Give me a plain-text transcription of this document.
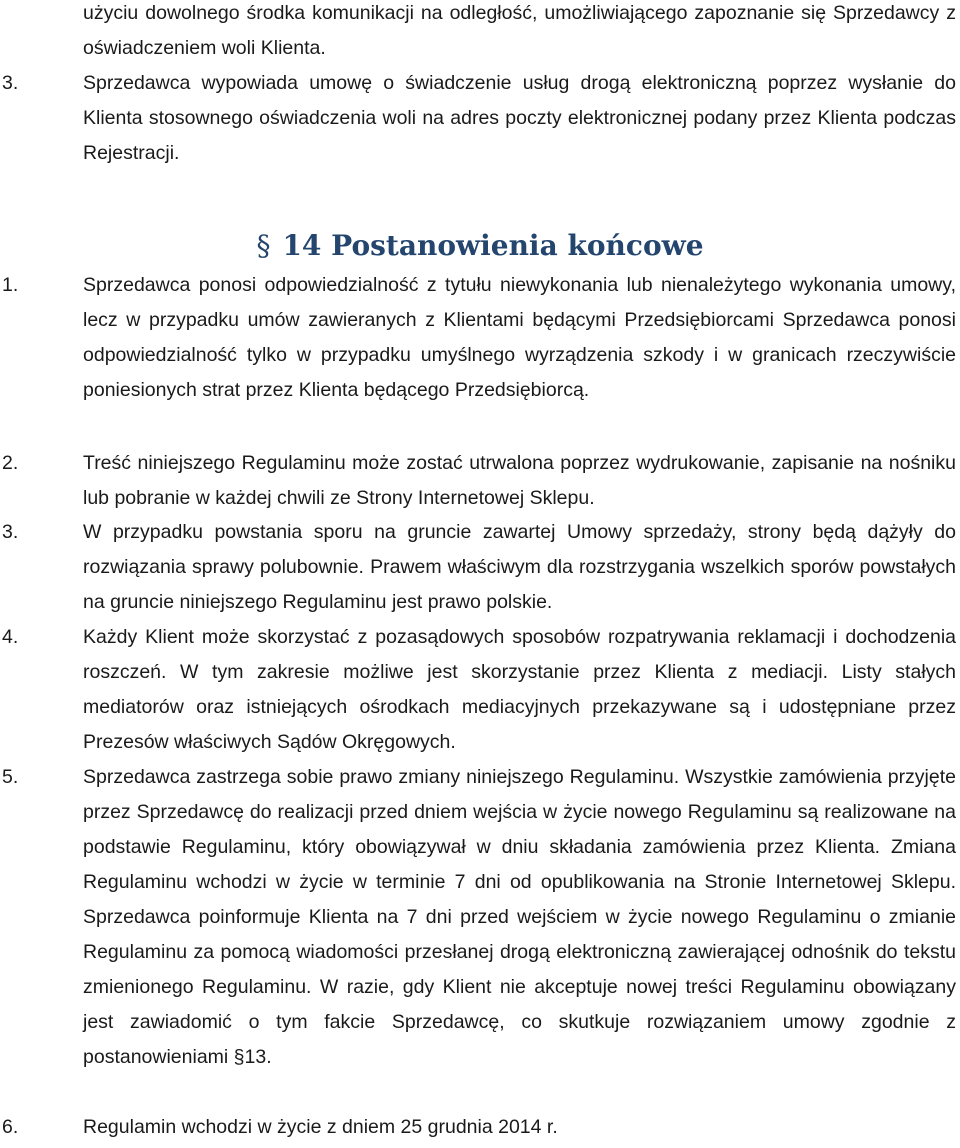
użyciu dowolnego środka komunikacji na odległość, umożliwiającego zapoznanie się Sprzedawcy z oświadczeniem woli Klienta.
3.	Sprzedawca wypowiada umowę o świadczenie usług drogą elektroniczną poprzez wysłanie do Klienta stosownego oświadczenia woli na adres poczty elektronicznej podany przez Klienta podczas Rejestracji.
§ 14 Postanowienia końcowe
1.	Sprzedawca ponosi odpowiedzialność z tytułu niewykonania lub nienależytego wykonania umowy, lecz w przypadku umów zawieranych z Klientami będącymi Przedsiębiorcami Sprzedawca ponosi odpowiedzialność tylko w przypadku umyślnego wyrządzenia szkody i w granicach rzeczywiście poniesionych strat przez Klienta będącego Przedsiębiorcą.
2.	Treść niniejszego Regulaminu może zostać utrwalona poprzez wydrukowanie, zapisanie na nośniku lub pobranie w każdej chwili ze Strony Internetowej Sklepu.
3.	W przypadku powstania sporu na gruncie zawartej Umowy sprzedaży, strony będą dążyły do rozwiązania sprawy polubownie. Prawem właściwym dla rozstrzygania wszelkich sporów powstałych na gruncie niniejszego Regulaminu jest prawo polskie.
4.	Każdy Klient może skorzystać z pozasądowych sposobów rozpatrywania reklamacji i dochodzenia roszczeń. W tym zakresie możliwe jest skorzystanie przez Klienta z mediacji. Listy stałych mediatorów oraz istniejących ośrodkach mediacyjnych przekazywane są i udostępniane przez Prezesów właściwych Sądów Okręgowych.
5.	Sprzedawca zastrzega sobie prawo zmiany niniejszego Regulaminu. Wszystkie zamówienia przyjęte przez Sprzedawcę do realizacji przed dniem wejścia w życie nowego Regulaminu są realizowane na podstawie Regulaminu, który obowiązywał w dniu składania zamówienia przez Klienta. Zmiana Regulaminu wchodzi w życie w terminie 7 dni od opublikowania na Stronie Internetowej Sklepu. Sprzedawca poinformuje Klienta na 7 dni przed wejściem w życie nowego Regulaminu o zmianie Regulaminu za pomocą wiadomości przesłanej drogą elektroniczną zawierającej odnośnik do tekstu zmienionego Regulaminu. W razie, gdy Klient nie akceptuje nowej treści Regulaminu obowiązany jest zawiadomić o tym fakcie Sprzedawcę, co skutkuje rozwiązaniem umowy zgodnie z postanowieniami §13.
6.	Regulamin wchodzi w życie z dniem 25 grudnia 2014 r.
